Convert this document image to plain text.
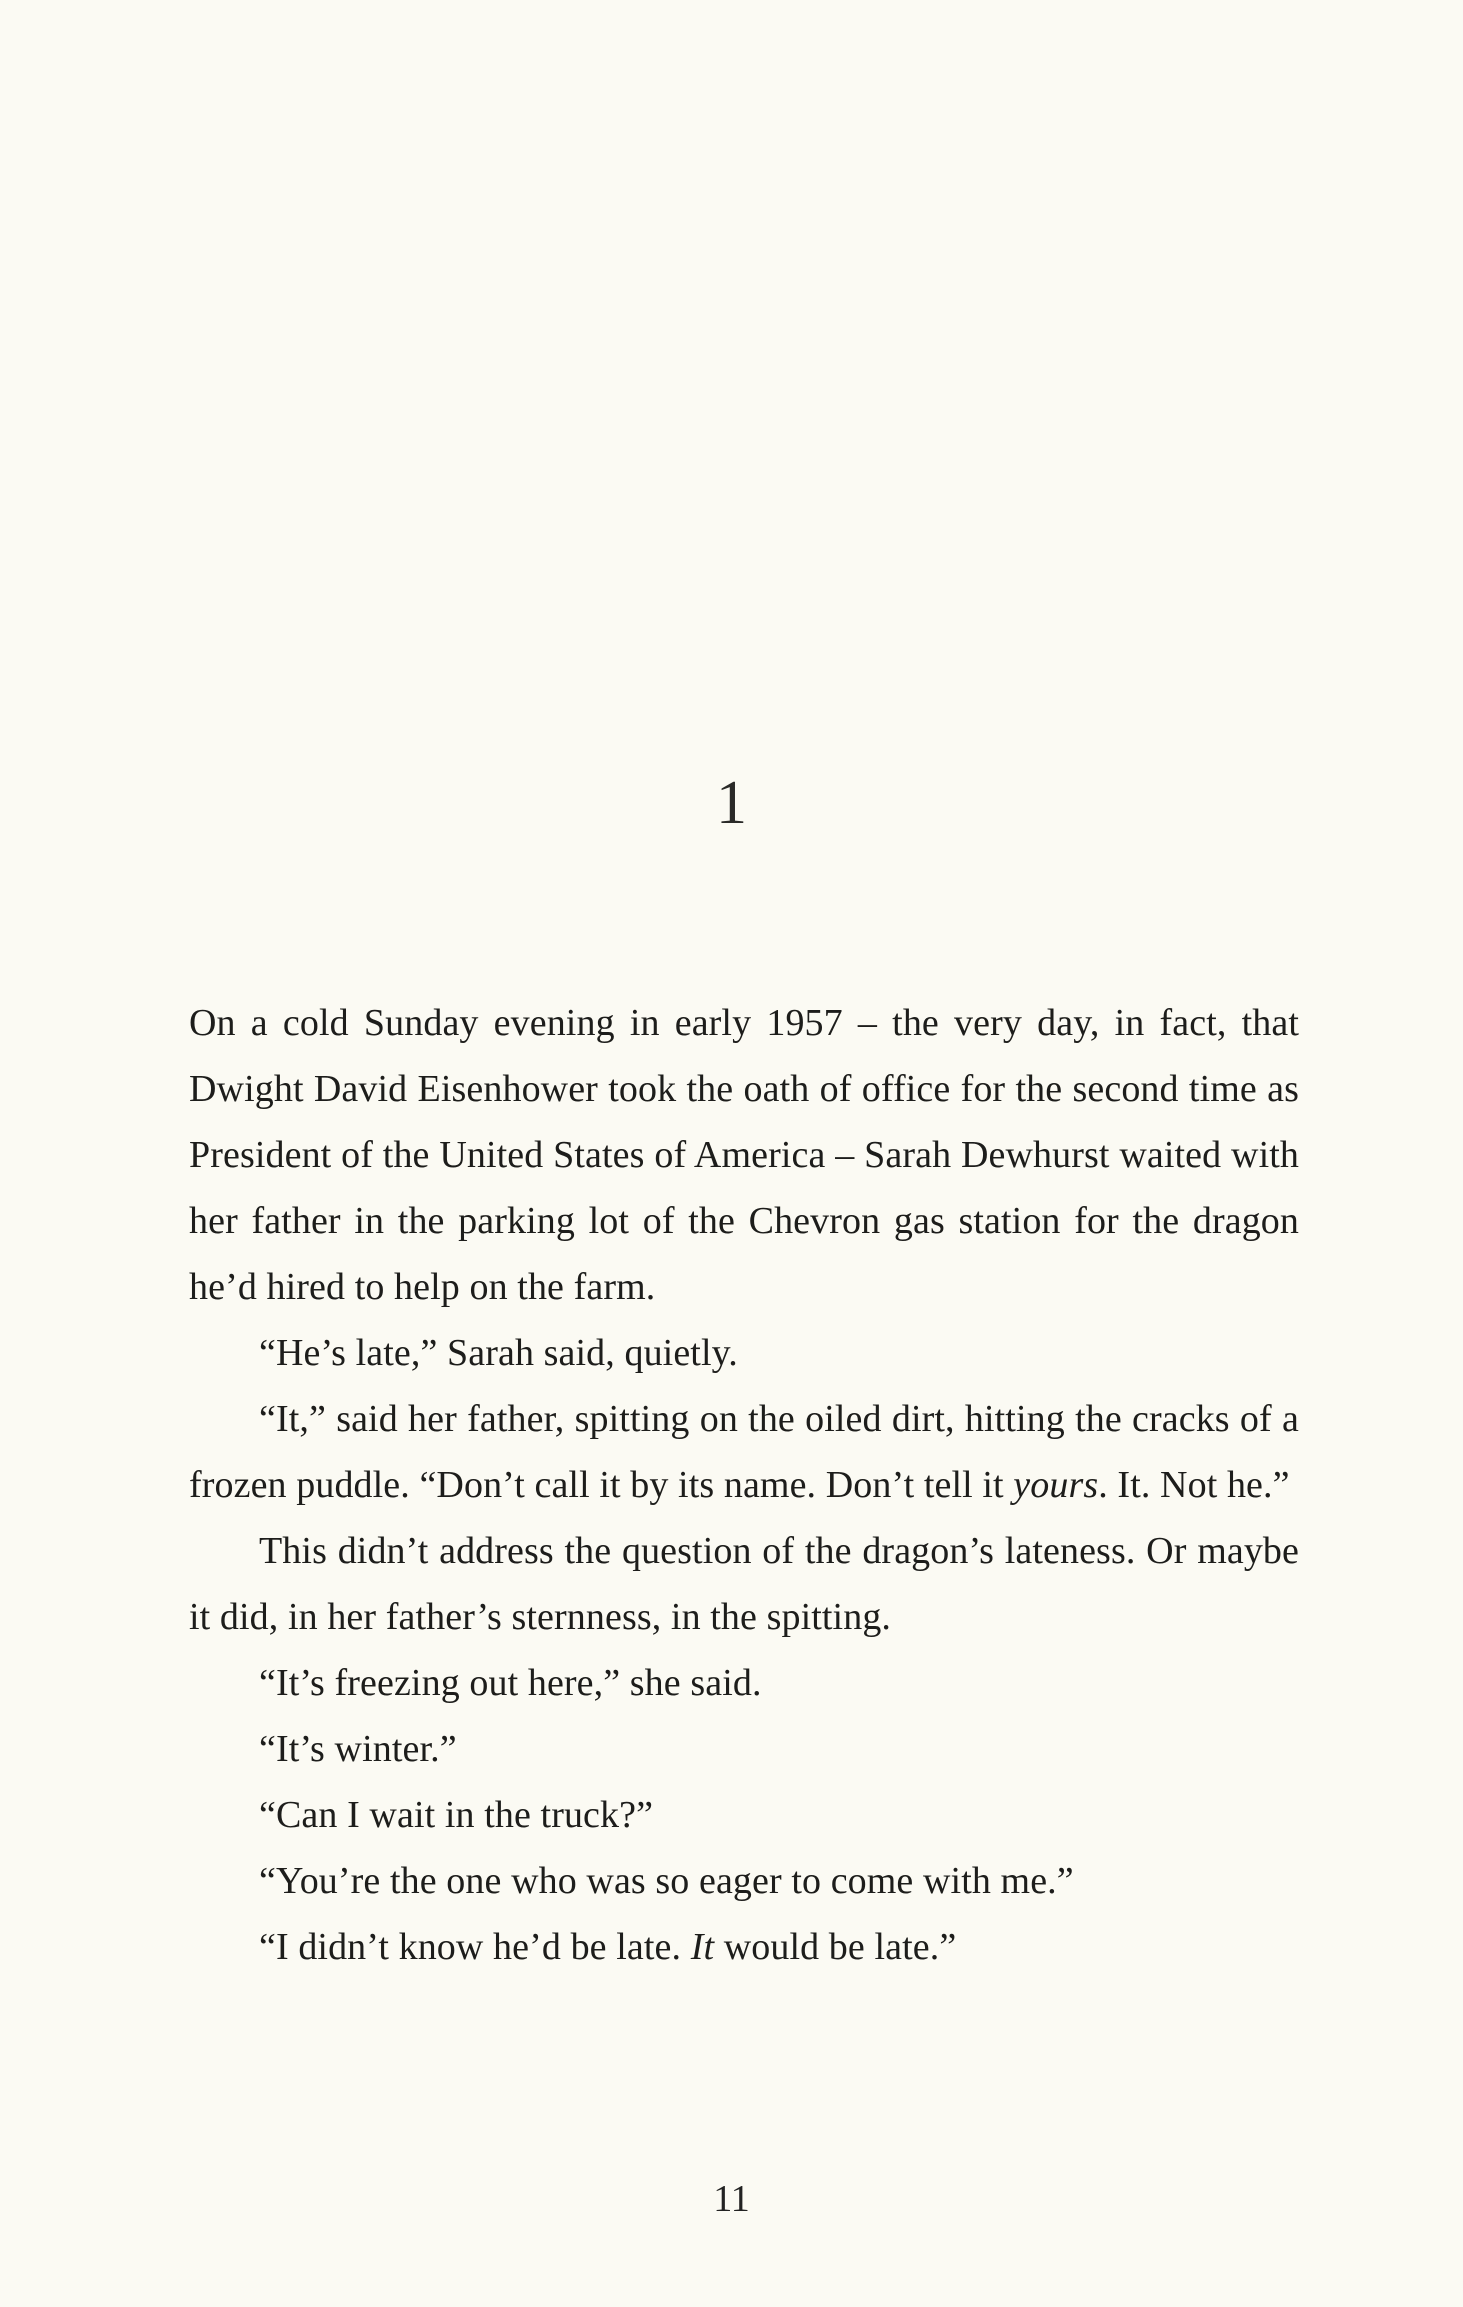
1

On a cold Sunday evening in early 1957 – the very day, in fact, that Dwight David Eisenhower took the oath of office for the second time as President of the United States of America – Sarah Dewhurst waited with her father in the parking lot of the Chevron gas station for the dragon he’d hired to help on the farm.

“He’s late,” Sarah said, quietly.

“It,” said her father, spitting on the oiled dirt, hitting the cracks of a frozen puddle. “Don’t call it by its name. Don’t tell it yours. It. Not he.”

This didn’t address the question of the dragon’s lateness. Or maybe it did, in her father’s sternness, in the spitting.

“It’s freezing out here,” she said.

“It’s winter.”

“Can I wait in the truck?”

“You’re the one who was so eager to come with me.”

“I didn’t know he’d be late. It would be late.”

11
